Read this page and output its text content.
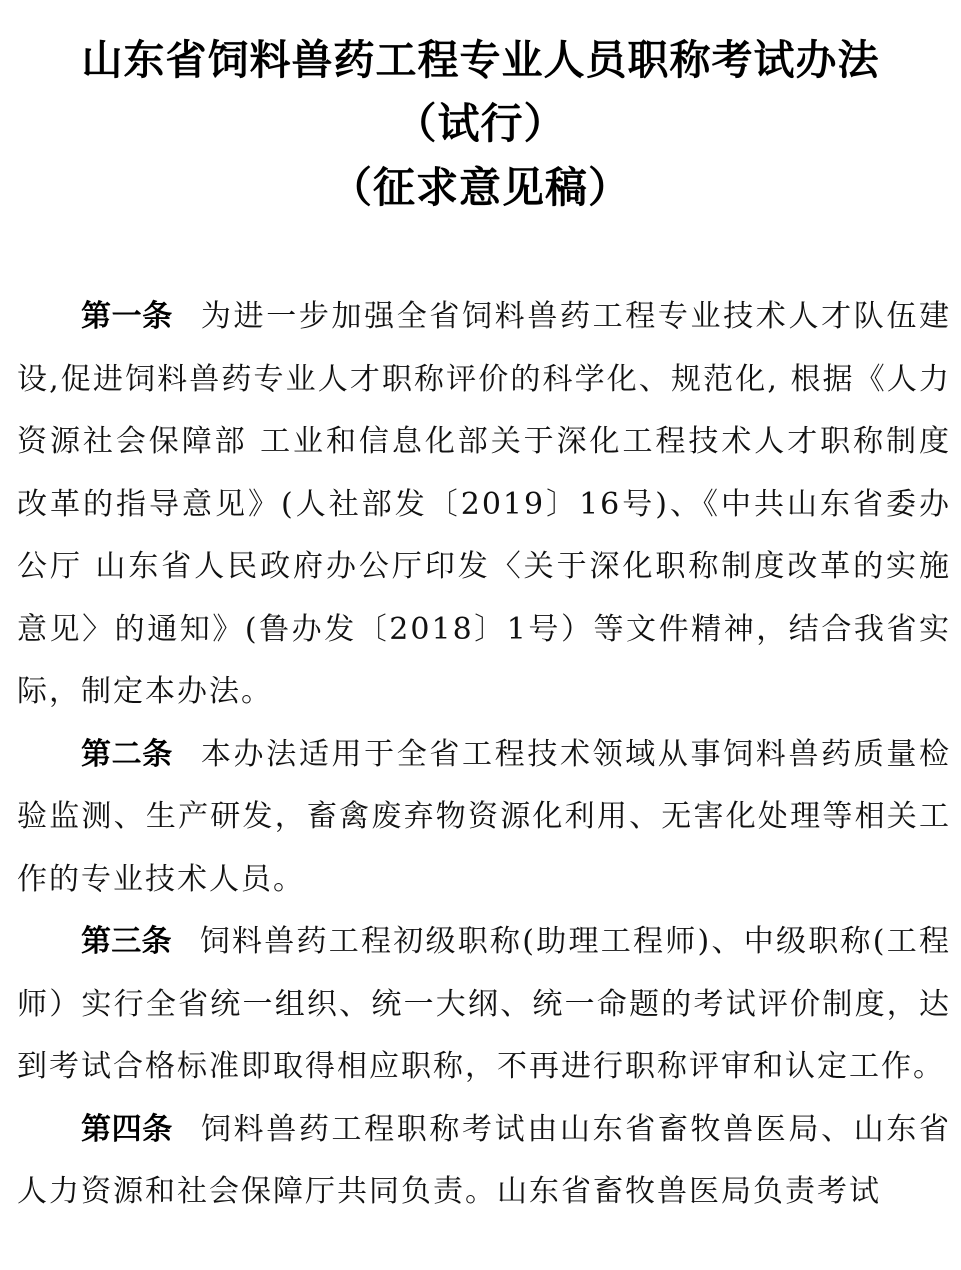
山东省饲料兽药工程专业人员职称考试办法
（试行）
（征求意见稿）

第一条 为进一步加强全省饲料兽药工程专业技术人才队伍建设,促进饲料兽药专业人才职称评价的科学化、规范化, 根据《人力资源社会保障部 工业和信息化部关于深化工程技术人才职称制度改革的指导意见》(人社部发〔2019〕16号)、《中共山东省委办公厅 山东省人民政府办公厅印发〈关于深化职称制度改革的实施意见〉的通知》(鲁办发〔2018〕1号）等文件精神，结合我省实际，制定本办法。

第二条 本办法适用于全省工程技术领域从事饲料兽药质量检验监测、生产研发，畜禽废弃物资源化利用、无害化处理等相关工作的专业技术人员。

第三条 饲料兽药工程初级职称(助理工程师)、中级职称(工程师）实行全省统一组织、统一大纲、统一命题的考试评价制度，达到考试合格标准即取得相应职称，不再进行职称评审和认定工作。

第四条 饲料兽药工程职称考试由山东省畜牧兽医局、山东省人力资源和社会保障厅共同负责。山东省畜牧兽医局负责考试
